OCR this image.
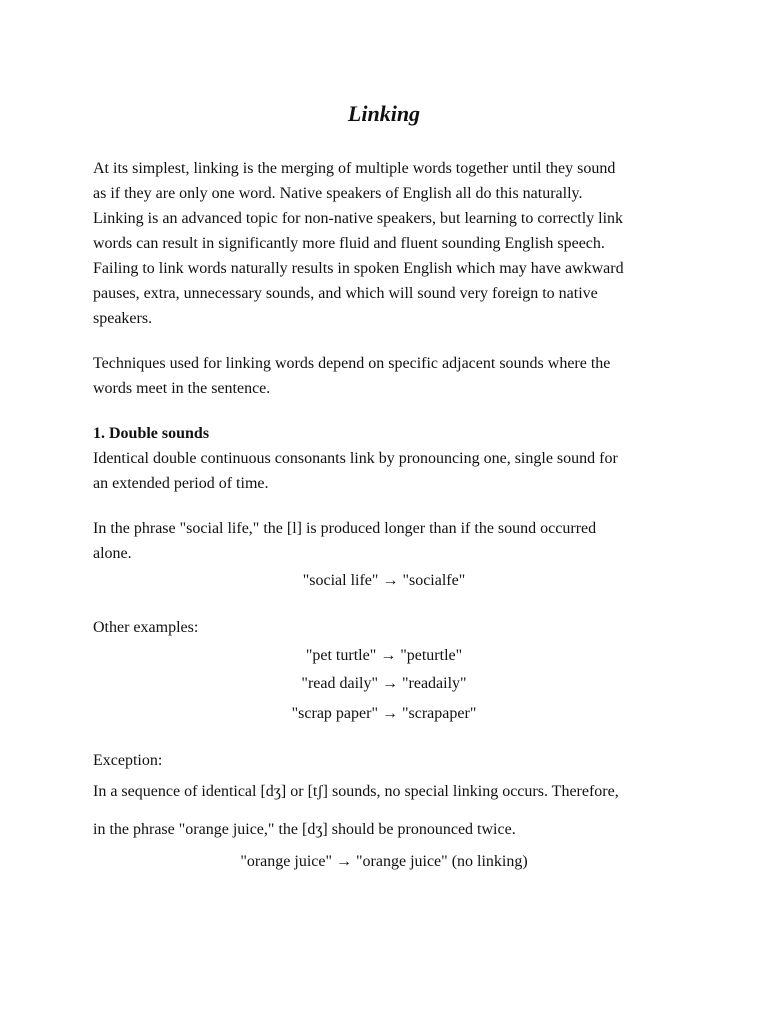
Linking
At its simplest, linking is the merging of multiple words together until they sound
as if they are only one word. Native speakers of English all do this naturally.
Linking is an advanced topic for non-native speakers, but learning to correctly link
words can result in significantly more fluid and fluent sounding English speech.
Failing to link words naturally results in spoken English which may have awkward
pauses, extra, unnecessary sounds, and which will sound very foreign to native
speakers.
Techniques used for linking words depend on specific adjacent sounds where the
words meet in the sentence.
1. Double sounds
Identical double continuous consonants link by pronouncing one, single sound for
an extended period of time.
In the phrase "social life," the [l] is produced longer than if the sound occurred
alone.
"social life" → "socialfe"
Other examples:
"pet turtle" → "peturtle"
"read daily" → "readaily"
"scrap paper" → "scrapaper"
Exception:
In a sequence of identical [dʒ] or [tʃ] sounds, no special linking occurs. Therefore,
in the phrase "orange juice," the [dʒ] should be pronounced twice.
"orange juice" → "orange juice" (no linking)
